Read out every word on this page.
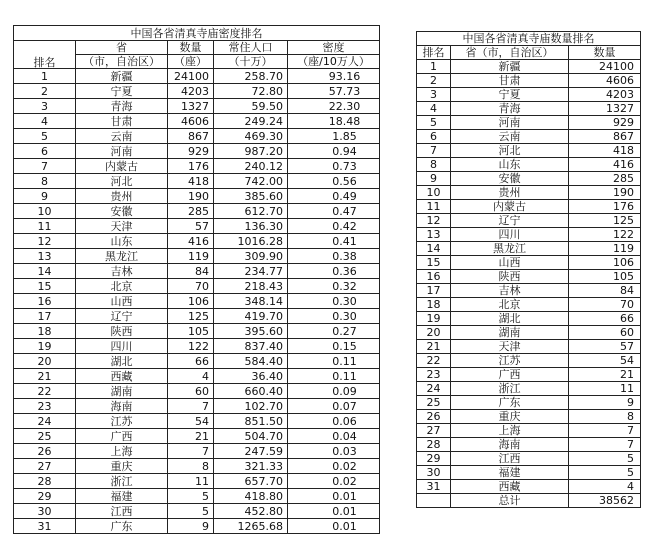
中国各省清真寺庙密度排名				
排名	省	数量	常住人口	密度
	（市，自治区）	（座）	（十万）	（座/10万人）
1	新疆	24100	258.70	93.16
2	宁夏	4203	72.80	57.73
3	青海	1327	59.50	22.30
4	甘肃	4606	249.24	18.48
5	云南	867	469.30	1.85
6	河南	929	987.20	0.94
7	内蒙古	176	240.12	0.73
8	河北	418	742.00	0.56
9	贵州	190	385.60	0.49
10	安徽	285	612.70	0.47
11	天津	57	136.30	0.42
12	山东	416	1016.28	0.41
13	黑龙江	119	309.90	0.38
14	吉林	84	234.77	0.36
15	北京	70	218.43	0.32
16	山西	106	348.14	0.30
17	辽宁	125	419.70	0.30
18	陕西	105	395.60	0.27
19	四川	122	837.40	0.15
20	湖北	66	584.40	0.11
21	西藏	4	36.40	0.11
22	湖南	60	660.40	0.09
23	海南	7	102.70	0.07
24	江苏	54	851.50	0.06
25	广西	21	504.70	0.04
26	上海	7	247.59	0.03
27	重庆	8	321.33	0.02
28	浙江	11	657.70	0.02
29	福建	5	418.80	0.01
30	江西	5	452.80	0.01
31	广东	9	1265.68	0.01
中国各省清真寺庙数量排名		
排名	省（市，自治区）	数量
1	新疆	24100
2	甘肃	4606
3	宁夏	4203
4	青海	1327
5	河南	929
6	云南	867
7	河北	418
8	山东	416
9	安徽	285
10	贵州	190
11	内蒙古	176
12	辽宁	125
13	四川	122
14	黑龙江	119
15	山西	106
16	陕西	105
17	吉林	84
18	北京	70
19	湖北	66
20	湖南	60
21	天津	57
22	江苏	54
23	广西	21
24	浙江	11
25	广东	9
26	重庆	8
27	上海	7
28	海南	7
29	江西	5
30	福建	5
31	西藏	4
	总计	38562
